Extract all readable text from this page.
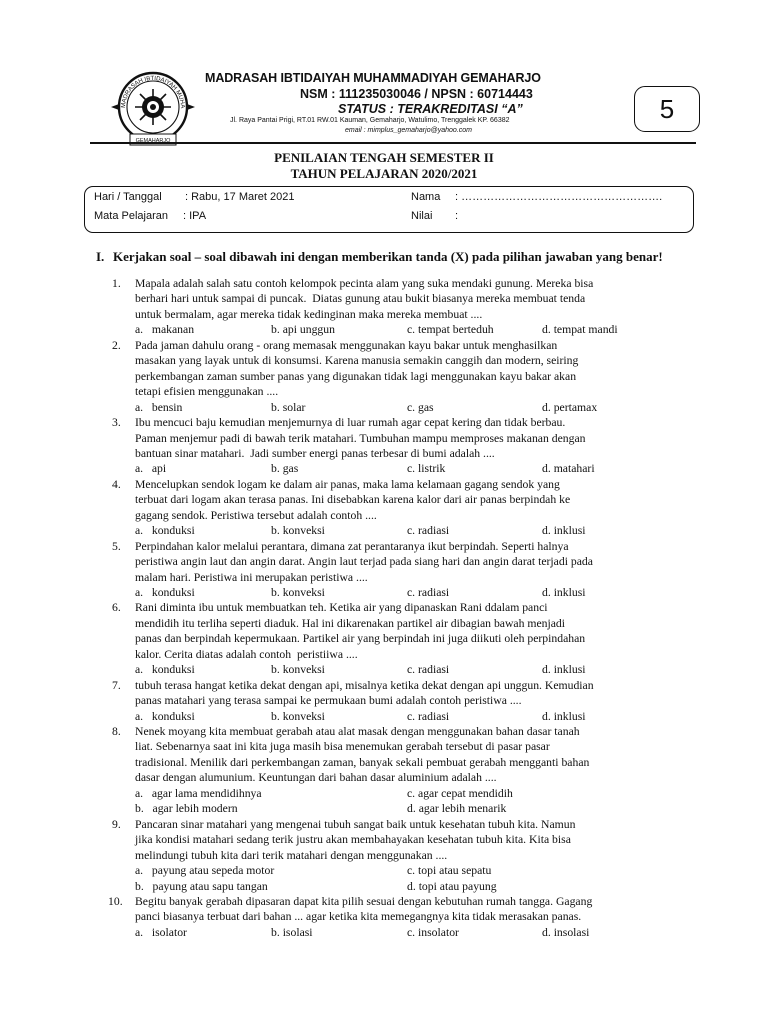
MADRASAH IBTIDAIYAH MUHA
GEMAHARJO
MADRASAH IBTIDAIYAH MUHAMMADIYAH GEMAHARJO
NSM : 111235030046 / NPSN : 60714443
STATUS : TERAKREDITASI “A”
Jl. Raya Pantai Prigi, RT.01 RW.01 Kauman, Gemaharjo, Watulimo, Trenggalek KP. 66382
email : mimplus_gemaharjo@yahoo.com
5
PENILAIAN TENGAH SEMESTER II
TAHUN PELAJARAN 2020/2021
Hari / Tanggal : Rabu, 17 Maret 2021	Nama : ……………………………………………….
Mata Pelajaran : IPA	Nilai :
I. Kerjakan soal – soal dibawah ini dengan memberikan tanda (X) pada pilihan jawaban yang benar!
1. Mapala adalah salah satu contoh kelompok pecinta alam yang suka mendaki gunung. Mereka bisa
berhari hari untuk sampai di puncak.  Diatas gunung atau bukit biasanya mereka membuat tenda
untuk bermalam, agar mereka tidak kedinginan maka mereka membuat ....
a.   makanan	b. api unggun	c. tempat berteduh	d. tempat mandi
2. Pada jaman dahulu orang - orang memasak menggunakan kayu bakar untuk menghasilkan
masakan yang layak untuk di konsumsi. Karena manusia semakin canggih dan modern, seiring
perkembangan zaman sumber panas yang digunakan tidak lagi menggunakan kayu bakar akan
tetapi efisien menggunakan ....
a.   bensin	b. solar	c. gas	d. pertamax
3. Ibu mencuci baju kemudian menjemurnya di luar rumah agar cepat kering dan tidak berbau.
Paman menjemur padi di bawah terik matahari. Tumbuhan mampu memproses makanan dengan
bantuan sinar matahari.  Jadi sumber energi panas terbesar di bumi adalah ....
a.   api	b. gas	c. listrik	d. matahari
4. Mencelupkan sendok logam ke dalam air panas, maka lama kelamaan gagang sendok yang
terbuat dari logam akan terasa panas. Ini disebabkan karena kalor dari air panas berpindah ke
gagang sendok. Peristiwa tersebut adalah contoh ....
a.   konduksi	b. konveksi	c. radiasi	d. inklusi
5. Perpindahan kalor melalui perantara, dimana zat perantaranya ikut berpindah. Seperti halnya
peristiwa angin laut dan angin darat. Angin laut terjad pada siang hari dan angin darat terjadi pada
malam hari. Peristiwa ini merupakan peristiwa ....
a.   konduksi	b. konveksi	c. radiasi	d. inklusi
6. Rani diminta ibu untuk membuatkan teh. Ketika air yang dipanaskan Rani ddalam panci
mendidih itu terliha seperti diaduk. Hal ini dikarenakan partikel air dibagian bawah menjadi
panas dan berpindah kepermukaan. Partikel air yang berpindah ini juga diikuti oleh perpindahan
kalor. Cerita diatas adalah contoh  peristiiwa ....
a.   konduksi	b. konveksi	c. radiasi	d. inklusi
7. tubuh terasa hangat ketika dekat dengan api, misalnya ketika dekat dengan api unggun. Kemudian
panas matahari yang terasa sampai ke permukaan bumi adalah contoh peristiwa ....
a.   konduksi	b. konveksi	c. radiasi	d. inklusi
8. Nenek moyang kita membuat gerabah atau alat masak dengan menggunakan bahan dasar tanah
liat. Sebenarnya saat ini kita juga masih bisa menemukan gerabah tersebut di pasar pasar
tradisional. Menilik dari perkembangan zaman, banyak sekali pembuat gerabah mengganti bahan
dasar dengan alumunium. Keuntungan dari bahan dasar aluminium adalah ....
a.   agar lama mendidihnya	c. agar cepat mendidih
b.   agar lebih modern	d. agar lebih menarik
9. Pancaran sinar matahari yang mengenai tubuh sangat baik untuk kesehatan tubuh kita. Namun
jika kondisi matahari sedang terik justru akan membahayakan kesehatan tubuh kita. Kita bisa
melindungi tubuh kita dari terik matahari dengan menggunakan ....
a.   payung atau sepeda motor	c. topi atau sepatu
b.   payung atau sapu tangan	d. topi atau payung
10. Begitu banyak gerabah dipasaran dapat kita pilih sesuai dengan kebutuhan rumah tangga. Gagang
panci biasanya terbuat dari bahan ... agar ketika kita memegangnya kita tidak merasakan panas.
a.   isolator	b. isolasi	c. insolator	d. insolasi
